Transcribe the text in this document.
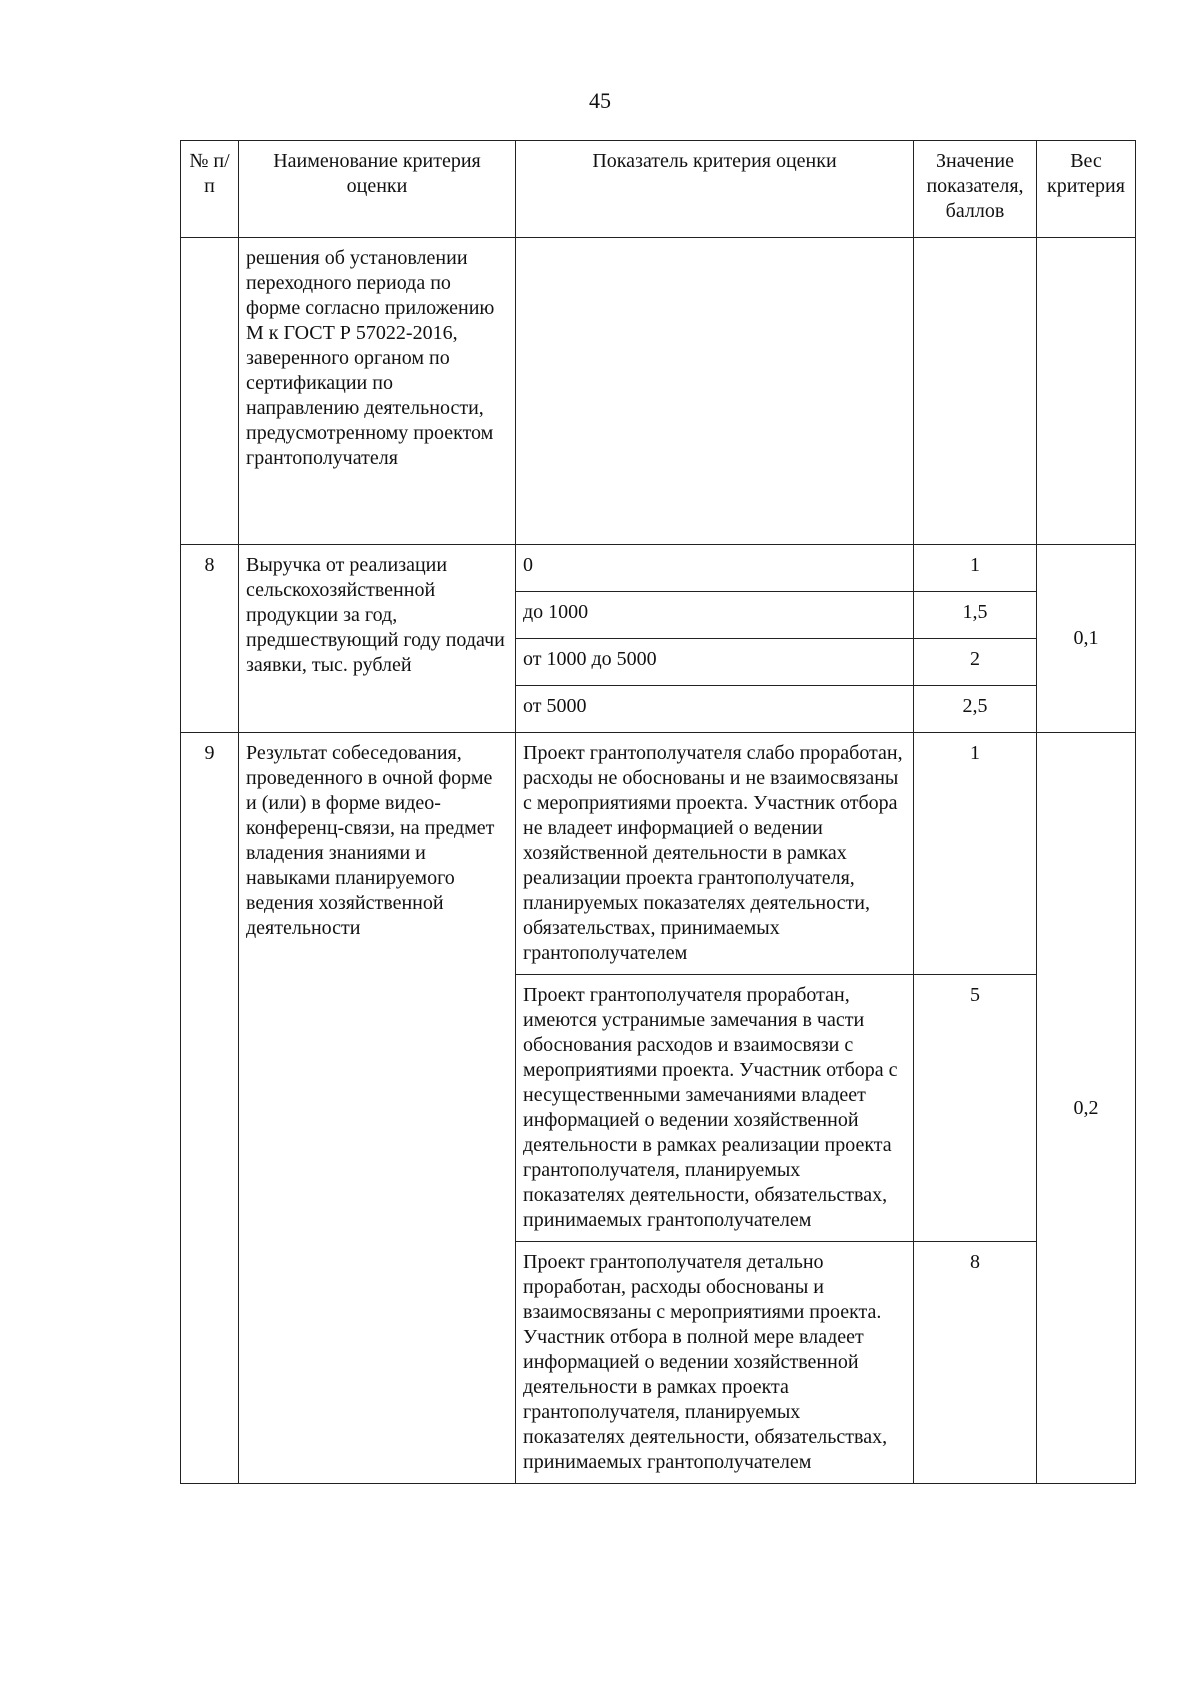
45
№ п/п	Наименование критерия оценки	Показатель критерия оценки	Значение показателя, баллов	Вес критерия
	решения об установлении переходного периода по форме согласно приложению М к ГОСТ Р 57022-2016, заверенного органом по сертификации по направлению деятельности, предусмотренному проектом грантополучателя			
8	Выручка от реализации сельскохозяйственной продукции за год, предшествующий году подачи заявки, тыс. рублей	0	1	0,1
		до 1000	1,5	
		от 1000 до 5000	2	
		от 5000	2,5	
9	Результат собеседования, проведенного в очной форме и (или) в форме видео-конференц-связи, на предмет владения знаниями и навыками планируемого ведения хозяйственной деятельности	Проект грантополучателя слабо проработан, расходы не обоснованы и не взаимосвязаны с мероприятиями проекта. Участник отбора не владеет информацией о ведении хозяйственной деятельности в рамках реализации проекта грантополучателя, планируемых показателях деятельности, обязательствах, принимаемых грантополучателем	1	0,2
		Проект грантополучателя проработан, имеются устранимые замечания в части обоснования расходов и взаимосвязи с мероприятиями проекта. Участник отбора с несущественными замечаниями владеет информацией о ведении хозяйственной деятельности в рамках реализации проекта грантополучателя, планируемых показателях деятельности, обязательствах, принимаемых грантополучателем	5	
		Проект грантополучателя детально проработан, расходы обоснованы и взаимосвязаны с мероприятиями проекта. Участник отбора в полной мере владеет информацией о ведении хозяйственной деятельности в рамках проекта грантополучателя, планируемых показателях деятельности, обязательствах, принимаемых грантополучателем	8	
